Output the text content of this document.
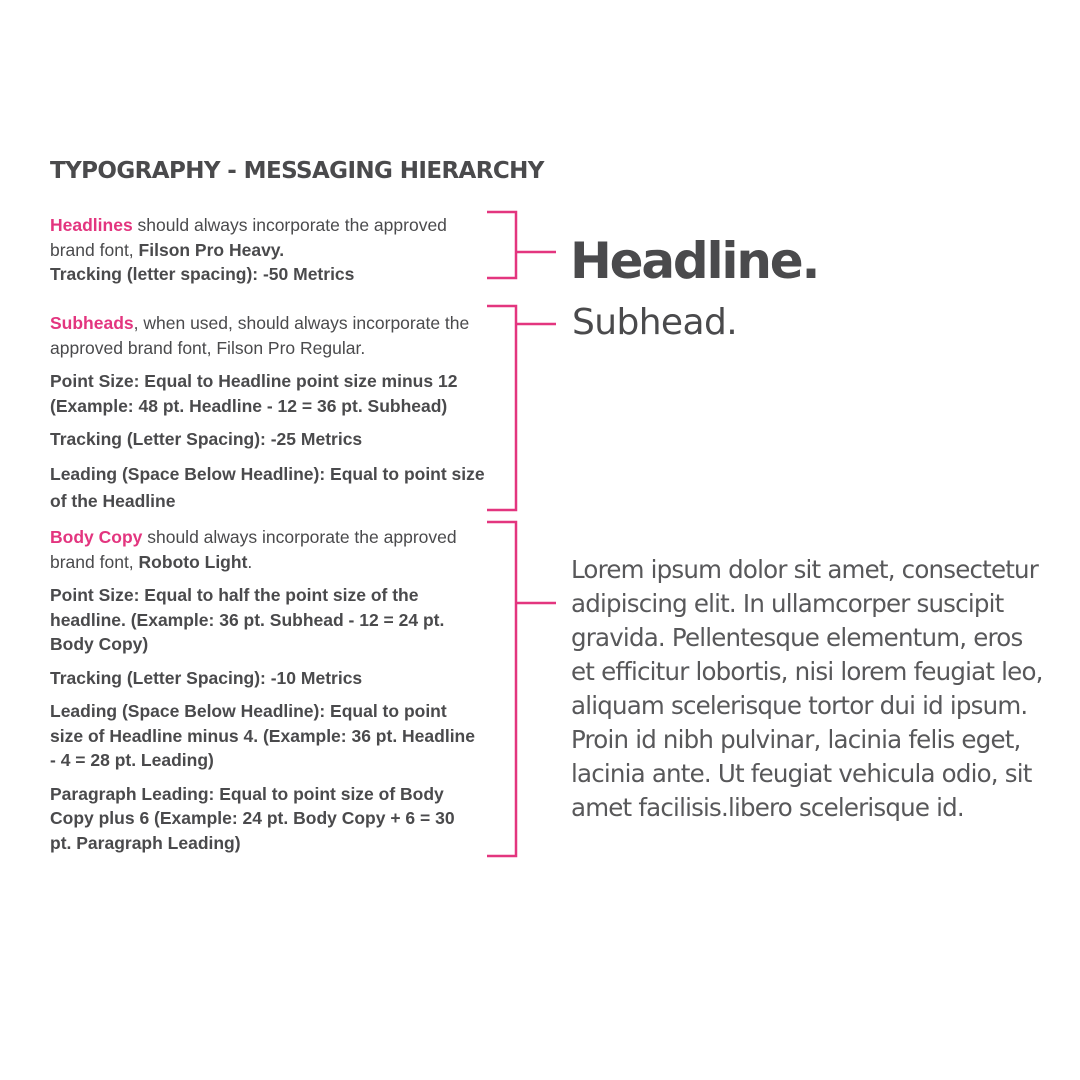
TYPOGRAPHY - MESSAGING HIERARCHY

Headlines should always incorporate the approved

brand font, Filson Pro Heavy.

Tracking (letter spacing): -50 Metrics

Subheads, when used, should always incorporate the approved brand font, Filson Pro Regular.

Point Size: Equal to Headline point size minus 12 (Example: 48 pt. Headline - 12 = 36 pt. Subhead)

Tracking (Letter Spacing): -25 Metrics

Leading (Space Below Headline): Equal to point size of the Headline

Body Copy should always incorporate the approved brand font, Roboto Light.

Point Size: Equal to half the point size of the headline. (Example: 36 pt. Subhead - 12 = 24 pt. Body Copy)

Tracking (Letter Spacing): -10 Metrics

Leading (Space Below Headline): Equal to point size of Headline minus 4. (Example: 36 pt. Headline - 4 = 28 pt. Leading)

Paragraph Leading: Equal to point size of Body Copy plus 6 (Example: 24 pt. Body Copy + 6 = 30 pt. Paragraph Leading)

Headline.
Subhead.
Lorem ipsum dolor sit amet, consectetur adipiscing elit. In ullamcorper suscipit gravida. Pellentesque elementum, eros et efficitur lobortis, nisi lorem feugiat leo, aliquam scelerisque tortor dui id ipsum. Proin id nibh pulvinar, lacinia felis eget, lacinia ante. Ut feugiat vehicula odio, sit amet facilisis.libero scelerisque id.
